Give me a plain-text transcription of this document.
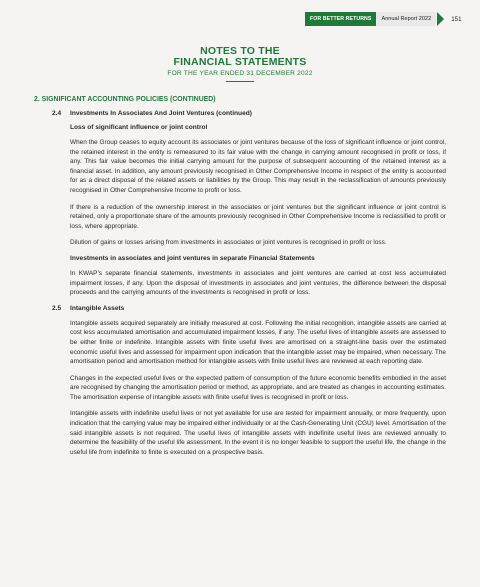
FOR BETTER RETURNS	Annual Report 2022	151
NOTES TO THE
FINANCIAL STATEMENTS
FOR THE YEAR ENDED 31 DECEMBER 2022
2. SIGNIFICANT ACCOUNTING POLICIES (CONTINUED)
2.4	Investments In Associates And Joint Ventures (continued)
Loss of significant influence or joint control

When the Group ceases to equity account its associates or joint ventures because of the loss of significant influence or joint control, the retained interest in the entity is remeasured to its fair value with the change in carrying amount recognised in profit or loss, if any. This fair value becomes the initial carrying amount for the purpose of subsequent accounting of the retained interest as a financial asset. In addition, any amount previously recognised in Other Comprehensive Income in respect of the entity is accounted for as a direct disposal of the related assets or liabilities by the Group. This may result in the reclassification of amounts previously recognised in Other Comprehensive Income to profit or loss.

If there is a reduction of the ownership interest in the associates or joint ventures but the significant influence or joint control is retained, only a proportionate share of the amounts previously recognised in Other Comprehensive Income is reclassified to profit or loss, where appropriate.

Dilution of gains or losses arising from investments in associates or joint ventures is recognised in profit or loss.

Investments in associates and joint ventures in separate Financial Statements

In KWAP’s separate financial statements, investments in associates and joint ventures are carried at cost less accumulated impairment losses, if any. Upon the disposal of investments in associates and joint ventures, the difference between the disposal proceeds and the carrying amounts of the investments is recognised in profit or loss.

2.5	Intangible Assets

Intangible assets acquired separately are initially measured at cost. Following the initial recognition, intangible assets are carried at cost less accumulated amortisation and accumulated impairment losses, if any. The useful lives of intangible assets are assessed to be either finite or indefinite. Intangible assets with finite useful lives are amortised on a straight-line basis over the estimated economic useful lives and assessed for impairment upon indication that the intangible asset may be impaired, when necessary. The amortisation period and amortisation method for intangible assets with finite useful lives are reviewed at each reporting date.

Changes in the expected useful lives or the expected pattern of consumption of the future economic benefits embodied in the asset are recognised by changing the amortisation period or method, as appropriate, and are treated as changes in accounting estimates. The amortisation expense of intangible assets with finite useful lives is recognised in profit or loss.

Intangible assets with indefinite useful lives or not yet available for use are tested for impairment annually, or more frequently, upon indication that the carrying value may be impaired either individually or at the Cash-Generating Unit (CGU) level. Amortisation of the said intangible assets is not required. The useful lives of intangible assets with indefinite useful lives are reviewed annually to determine the feasibility of the useful life assessment. In the event it is no longer feasible to support the useful life, the change in the useful life from indefinite to finite is executed on a prospective basis.
